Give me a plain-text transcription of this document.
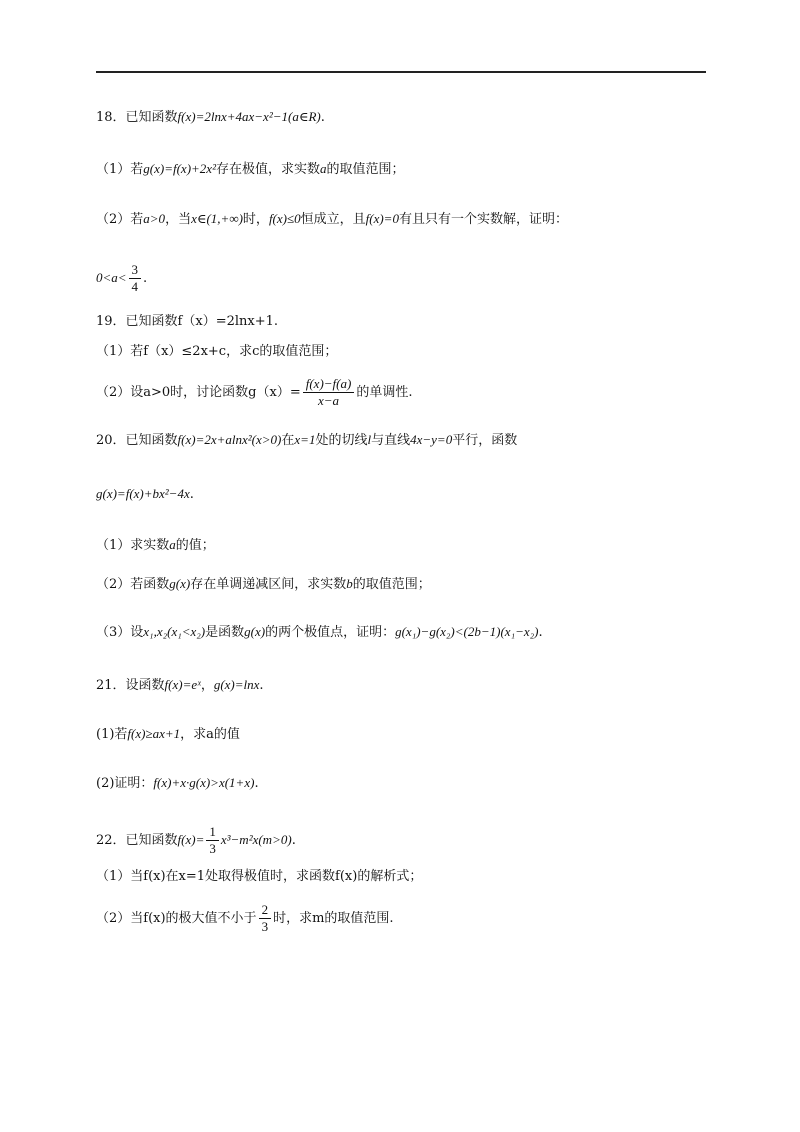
18．已知函数f(x)=2lnx+4ax−x²−1(a∈R).
（1）若g(x)=f(x)+2x²存在极值，求实数a的取值范围；
（2）若a>0，当x∈(1,+∞)时，f(x)≤0恒成立，且f(x)=0有且只有一个实数解，证明：
$0<a< \frac{3}{4}$ .
19．已知函数f（x）=2lnx+1.
（1）若f（x）≤2x+c，求c的取值范围；
（2）设a>0时，讨论函数$g(x)= \frac{f(x)-f(a)}{x-a}$ 的单调性.
20．已知函数f(x)=2x+alnx²(x>0)在x=1处的切线l与直线4x−y=0平行，函数
g(x)=f(x)+bx²−4x.
（1）求实数a的值；
（2）若函数g(x)存在单调递减区间，求实数b的取值范围；
（3）设x₁,x₂(x₁<x₂)是函数g(x)的两个极值点，证明：g(x₁)−g(x₂)<(2b−1)(x₁−x₂).
21．设函数f(x)=eˣ，g(x)=lnx.
(1)若f(x)≥ax+1，求a的值
(2)证明：f(x)+x·g(x)>x(1+x).
22．已知函数$f(x)= \frac{1}{3} x^3-m^2x(m>0)$.
（1）当f(x)在x=1处取得极值时，求函数f(x)的解析式；
（2）当f(x)的极大值不小于 $\frac{2}{3}$ 时，求m的取值范围.
